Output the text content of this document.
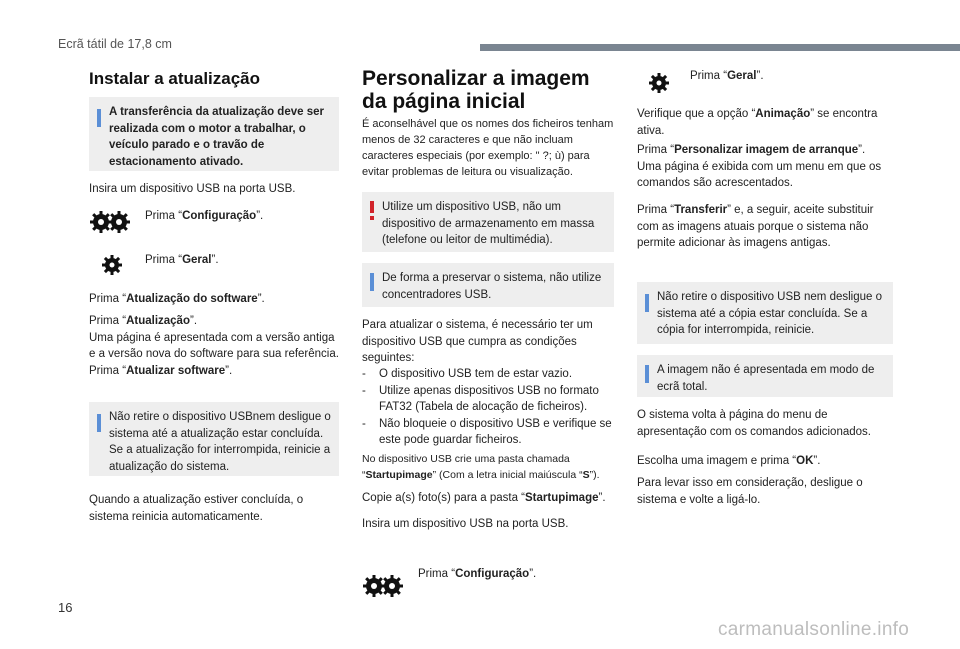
Ecrã tátil de 17,8 cm
Instalar a atualização
A transferência da atualização deve ser realizada com o motor a trabalhar, o veículo parado e o travão de estacionamento ativado.

Insira um dispositivo USB na porta USB.

Prima “Configuração”.

Prima “Geral”.

Prima “Atualização do software”.

Prima “Atualização”.
Uma página é apresentada com a versão antiga e a versão nova do software para sua referência.
Prima “Atualizar software”.

Não retire o dispositivo USBnem desligue o sistema até a atualização estar concluída. Se a atualização for interrompida, reinicie a atualização do sistema.

Quando a atualização estiver concluída, o sistema reinicia automaticamente.

Personalizar a imagem da página inicial

É aconselhável que os nomes dos ficheiros tenham menos de 32 caracteres e que não incluam caracteres especiais (por exemplo: " ?; ù) para evitar problemas de leitura ou visualização.

Utilize um dispositivo USB, não um dispositivo de armazenamento em massa (telefone ou leitor de multimédia).
De forma a preservar o sistema, não utilize concentradores USB.

Para atualizar o sistema, é necessário ter um dispositivo USB que cumpra as condições seguintes:

- O dispositivo USB tem de estar vazio.
- Utilize apenas dispositivos USB no formato FAT32 (Tabela de alocação de ficheiros).
- Não bloqueie o dispositivo USB e verifique se este pode guardar ficheiros.

No dispositivo USB crie uma pasta chamada “Startupimage” (Com a letra inicial maiúscula “S”).

Copie a(s) foto(s) para a pasta “Startupimage”.

Insira um dispositivo USB na porta USB.

Prima “Configuração”.

Prima “Geral”.

Verifique que a opção “Animação” se encontra ativa.

Prima “Personalizar imagem de arranque”.
Uma página é exibida com um menu em que os comandos são acrescentados.

Prima “Transferir” e, a seguir, aceite substituir com as imagens atuais porque o sistema não permite adicionar às imagens antigas.

Não retire o dispositivo USB nem desligue o sistema até a cópia estar concluída. Se a cópia for interrompida, reinicie.
A imagem não é apresentada em modo de ecrã total.

O sistema volta à página do menu de apresentação com os comandos adicionados.

Escolha uma imagem e prima “OK”.

Para levar isso em consideração, desligue o sistema e volte a ligá-lo.

16
carmanualsonline.info
